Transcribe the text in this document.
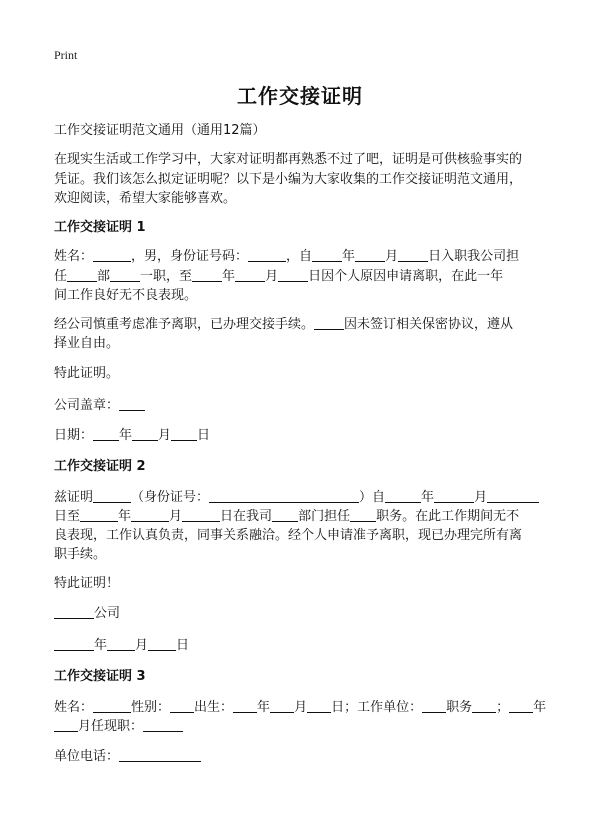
Print
工作交接证明
工作交接证明范文通用（通用12篇）
在现实生活或工作学习中，大家对证明都再熟悉不过了吧，证明是可供核验事实的
凭证。我们该怎么拟定证明呢？以下是小编为大家收集的工作交接证明范文通用，
欢迎阅读，希望大家能够喜欢。
工作交接证明 1
姓名：	，男，身份证号码：	，自 年 月 日入职我公司担
任 部 一职，至 年 月 日因个人原因申请离职，在此一年
间工作良好无不良表现。
经公司慎重考虑准予离职，已办理交接手续。 因未签订相关保密协议，遵从
择业自由。
特此证明。
公司盖章：
日期： 年 月 日
工作交接证明 2
兹证明	（身份证号：	）自	年	月
日至	年	月	日在我司 部门担任 职务。在此工作期间无不
良表现，工作认真负责，同事关系融洽。经个人申请准予离职，现已办理完所有离
职手续。
特此证明！
公司
年 月 日
工作交接证明 3
姓名：	性别： 出生： 年 月 日；工作单位： 职务 ； 年
月任现职：
单位电话：
